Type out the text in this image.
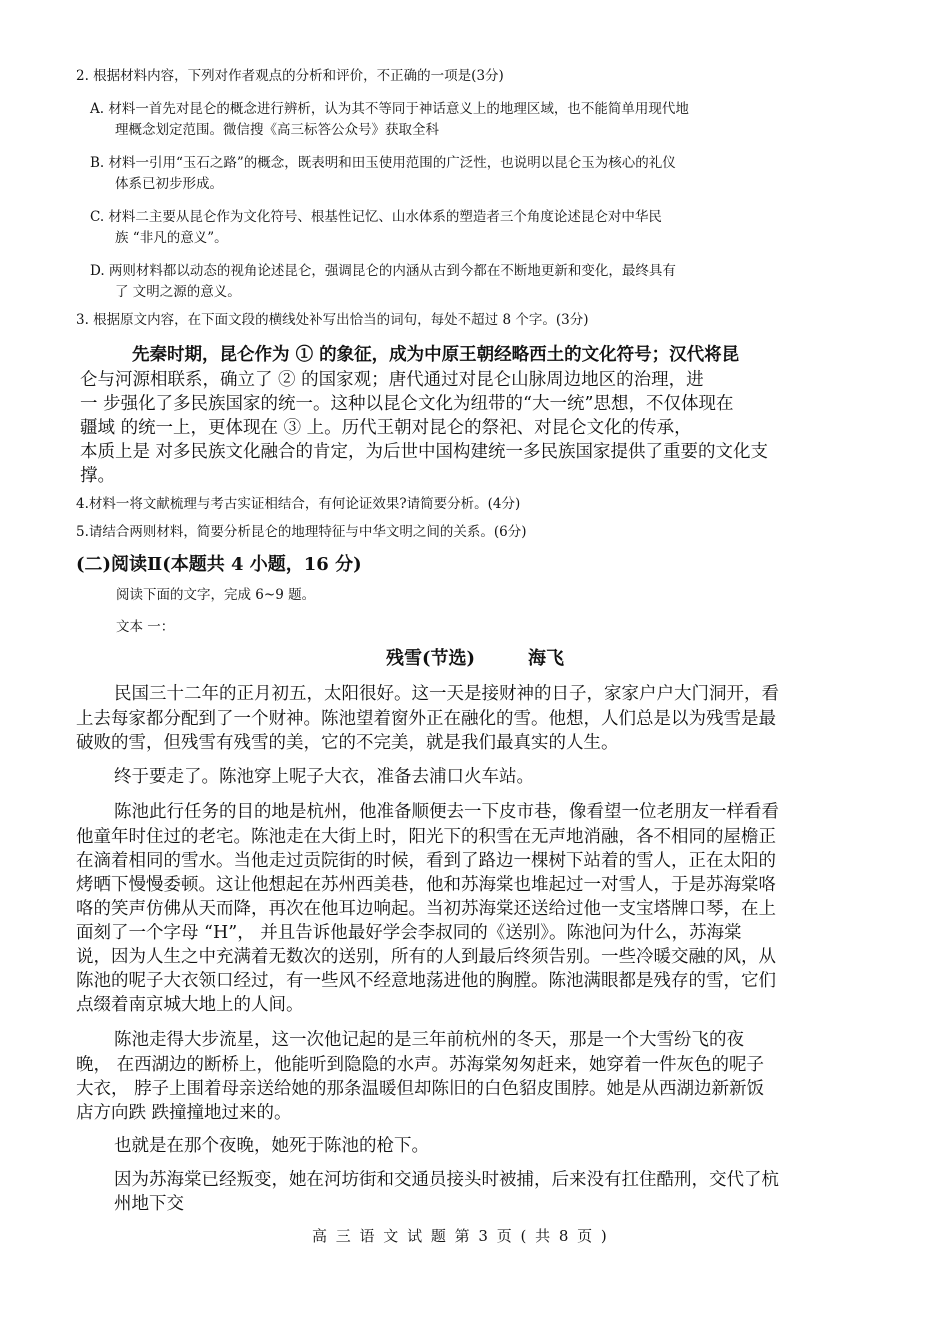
2. 根据材料内容，下列对作者观点的分析和评价，不正确的一项是(3分)

A. 材料一首先对昆仑的概念进行辨析，认为其不等同于神话意义上的地理区域，也不能简单用现代地

理概念划定范围。微信搜《高三标答公众号》获取全科

B. 材料一引用“玉石之路”的概念，既表明和田玉使用范围的广泛性，也说明以昆仑玉为核心的礼仪

体系已初步形成。

C. 材料二主要从昆仑作为文化符号、根基性记忆、山水体系的塑造者三个角度论述昆仑对中华民

族 “非凡的意义”。

D. 两则材料都以动态的视角论述昆仑，强调昆仑的内涵从古到今都在不断地更新和变化，最终具有

了 文明之源的意义。

3. 根据原文内容，在下面文段的横线处补写出恰当的词句，每处不超过 8 个字。(3分)

先秦时期，昆仑作为 ① 的象征，成为中原王朝经略西土的文化符号；汉代将昆

仑与河源相联系，确立了 ② 的国家观；唐代通过对昆仑山脉周边地区的治理，进

一 步强化了多民族国家的统一。这种以昆仑文化为纽带的“大一统”思想，不仅体现在

疆域 的统一上，更体现在 ③ 上。历代王朝对昆仑的祭祀、对昆仑文化的传承，

本质上是 对多民族文化融合的肯定，为后世中国构建统一多民族国家提供了重要的文化支

撑。

4.材料一将文献梳理与考古实证相结合，有何论证效果?请简要分析。(4分)

5.请结合两则材料，简要分析昆仑的地理特征与中华文明之间的关系。(6分)

(二)阅读Ⅱ(本题共 4 小题，16 分)

阅读下面的文字，完成 6~9 题。

文本 一：

残雪(节选)	海飞

民国三十二年的正月初五，太阳很好。这一天是接财神的日子，家家户户大门洞开，看

上去每家都分配到了一个财神。陈池望着窗外正在融化的雪。他想，人们总是以为残雪是最

破败的雪，但残雪有残雪的美，它的不完美，就是我们最真实的人生。

终于要走了。陈池穿上呢子大衣，准备去浦口火车站。

陈池此行任务的目的地是杭州，他准备顺便去一下皮市巷，像看望一位老朋友一样看看

他童年时住过的老宅。陈池走在大街上时，阳光下的积雪在无声地消融，各不相同的屋檐正

在滴着相同的雪水。当他走过贡院街的时候，看到了路边一棵树下站着的雪人，正在太阳的

烤晒下慢慢委顿。这让他想起在苏州西美巷，他和苏海棠也堆起过一对雪人，于是苏海棠咯

咯的笑声仿佛从天而降，再次在他耳边响起。当初苏海棠还送给过他一支宝塔牌口琴，在上

面刻了一个字母 “H”， 并且告诉他最好学会李叔同的《送别》。陈池问为什么，苏海棠

说，因为人生之中充满着无数次的送别，所有的人到最后终须告别。一些冷暖交融的风，从

陈池的呢子大衣领口经过，有一些风不经意地荡进他的胸膛。陈池满眼都是残存的雪，它们

点缀着南京城大地上的人间。

陈池走得大步流星，这一次他记起的是三年前杭州的冬天，那是一个大雪纷飞的夜

晚， 在西湖边的断桥上，他能听到隐隐的水声。苏海棠匆匆赶来，她穿着一件灰色的呢子

大衣， 脖子上围着母亲送给她的那条温暖但却陈旧的白色貂皮围脖。她是从西湖边新新饭

店方向跌 跌撞撞地过来的。

也就是在那个夜晚，她死于陈池的枪下。

因为苏海棠已经叛变，她在河坊街和交通员接头时被捕，后来没有扛住酷刑，交代了杭

州地下交

高 三 语 文 试 题 第 3 页 ( 共 8 页 )
